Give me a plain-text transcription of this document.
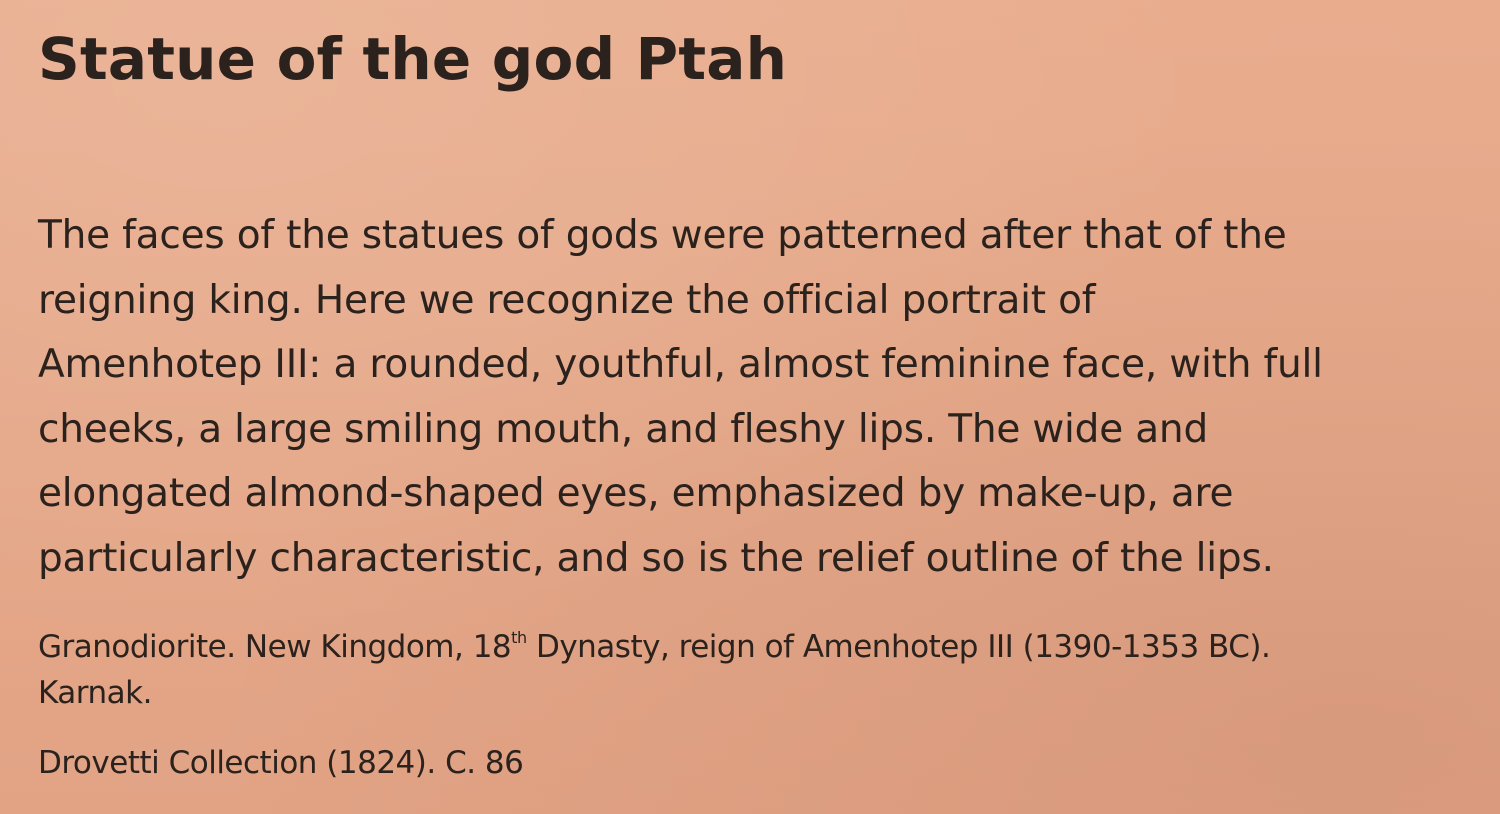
Statue of the god Ptah

The faces of the statues of gods were patterned after that of the
reigning king. Here we recognize the official portrait of
Amenhotep III: a rounded, youthful, almost feminine face, with full
cheeks, a large smiling mouth, and fleshy lips. The wide and
elongated almond-shaped eyes, emphasized by make-up, are
particularly characteristic, and so is the relief outline of the lips.

Granodiorite. New Kingdom, 18th Dynasty, reign of Amenhotep III (1390-1353 BC).
Karnak.

Drovetti Collection (1824). C. 86
